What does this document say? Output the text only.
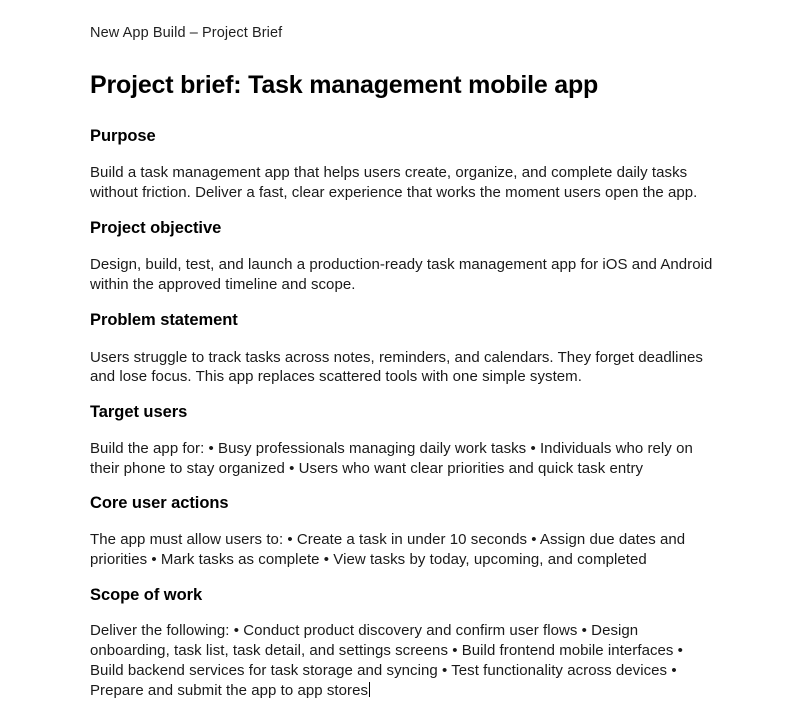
New App Build – Project Brief
Project brief: Task management mobile app
Purpose

Build a task management app that helps users create, organize, and complete daily tasks without friction. Deliver a fast, clear experience that works the moment users open the app.

Project objective

Design, build, test, and launch a production-ready task management app for iOS and Android within the approved timeline and scope.

Problem statement

Users struggle to track tasks across notes, reminders, and calendars. They forget deadlines and lose focus. This app replaces scattered tools with one simple system.

Target users

Build the app for: • Busy professionals managing daily work tasks • Individuals who rely on their phone to stay organized • Users who want clear priorities and quick task entry

Core user actions

The app must allow users to: • Create a task in under 10 seconds • Assign due dates and priorities • Mark tasks as complete • View tasks by today, upcoming, and completed

Scope of work

Deliver the following: • Conduct product discovery and confirm user flows • Design onboarding, task list, task detail, and settings screens • Build frontend mobile interfaces • Build backend services for task storage and syncing • Test functionality across devices • Prepare and submit the app to app stores
